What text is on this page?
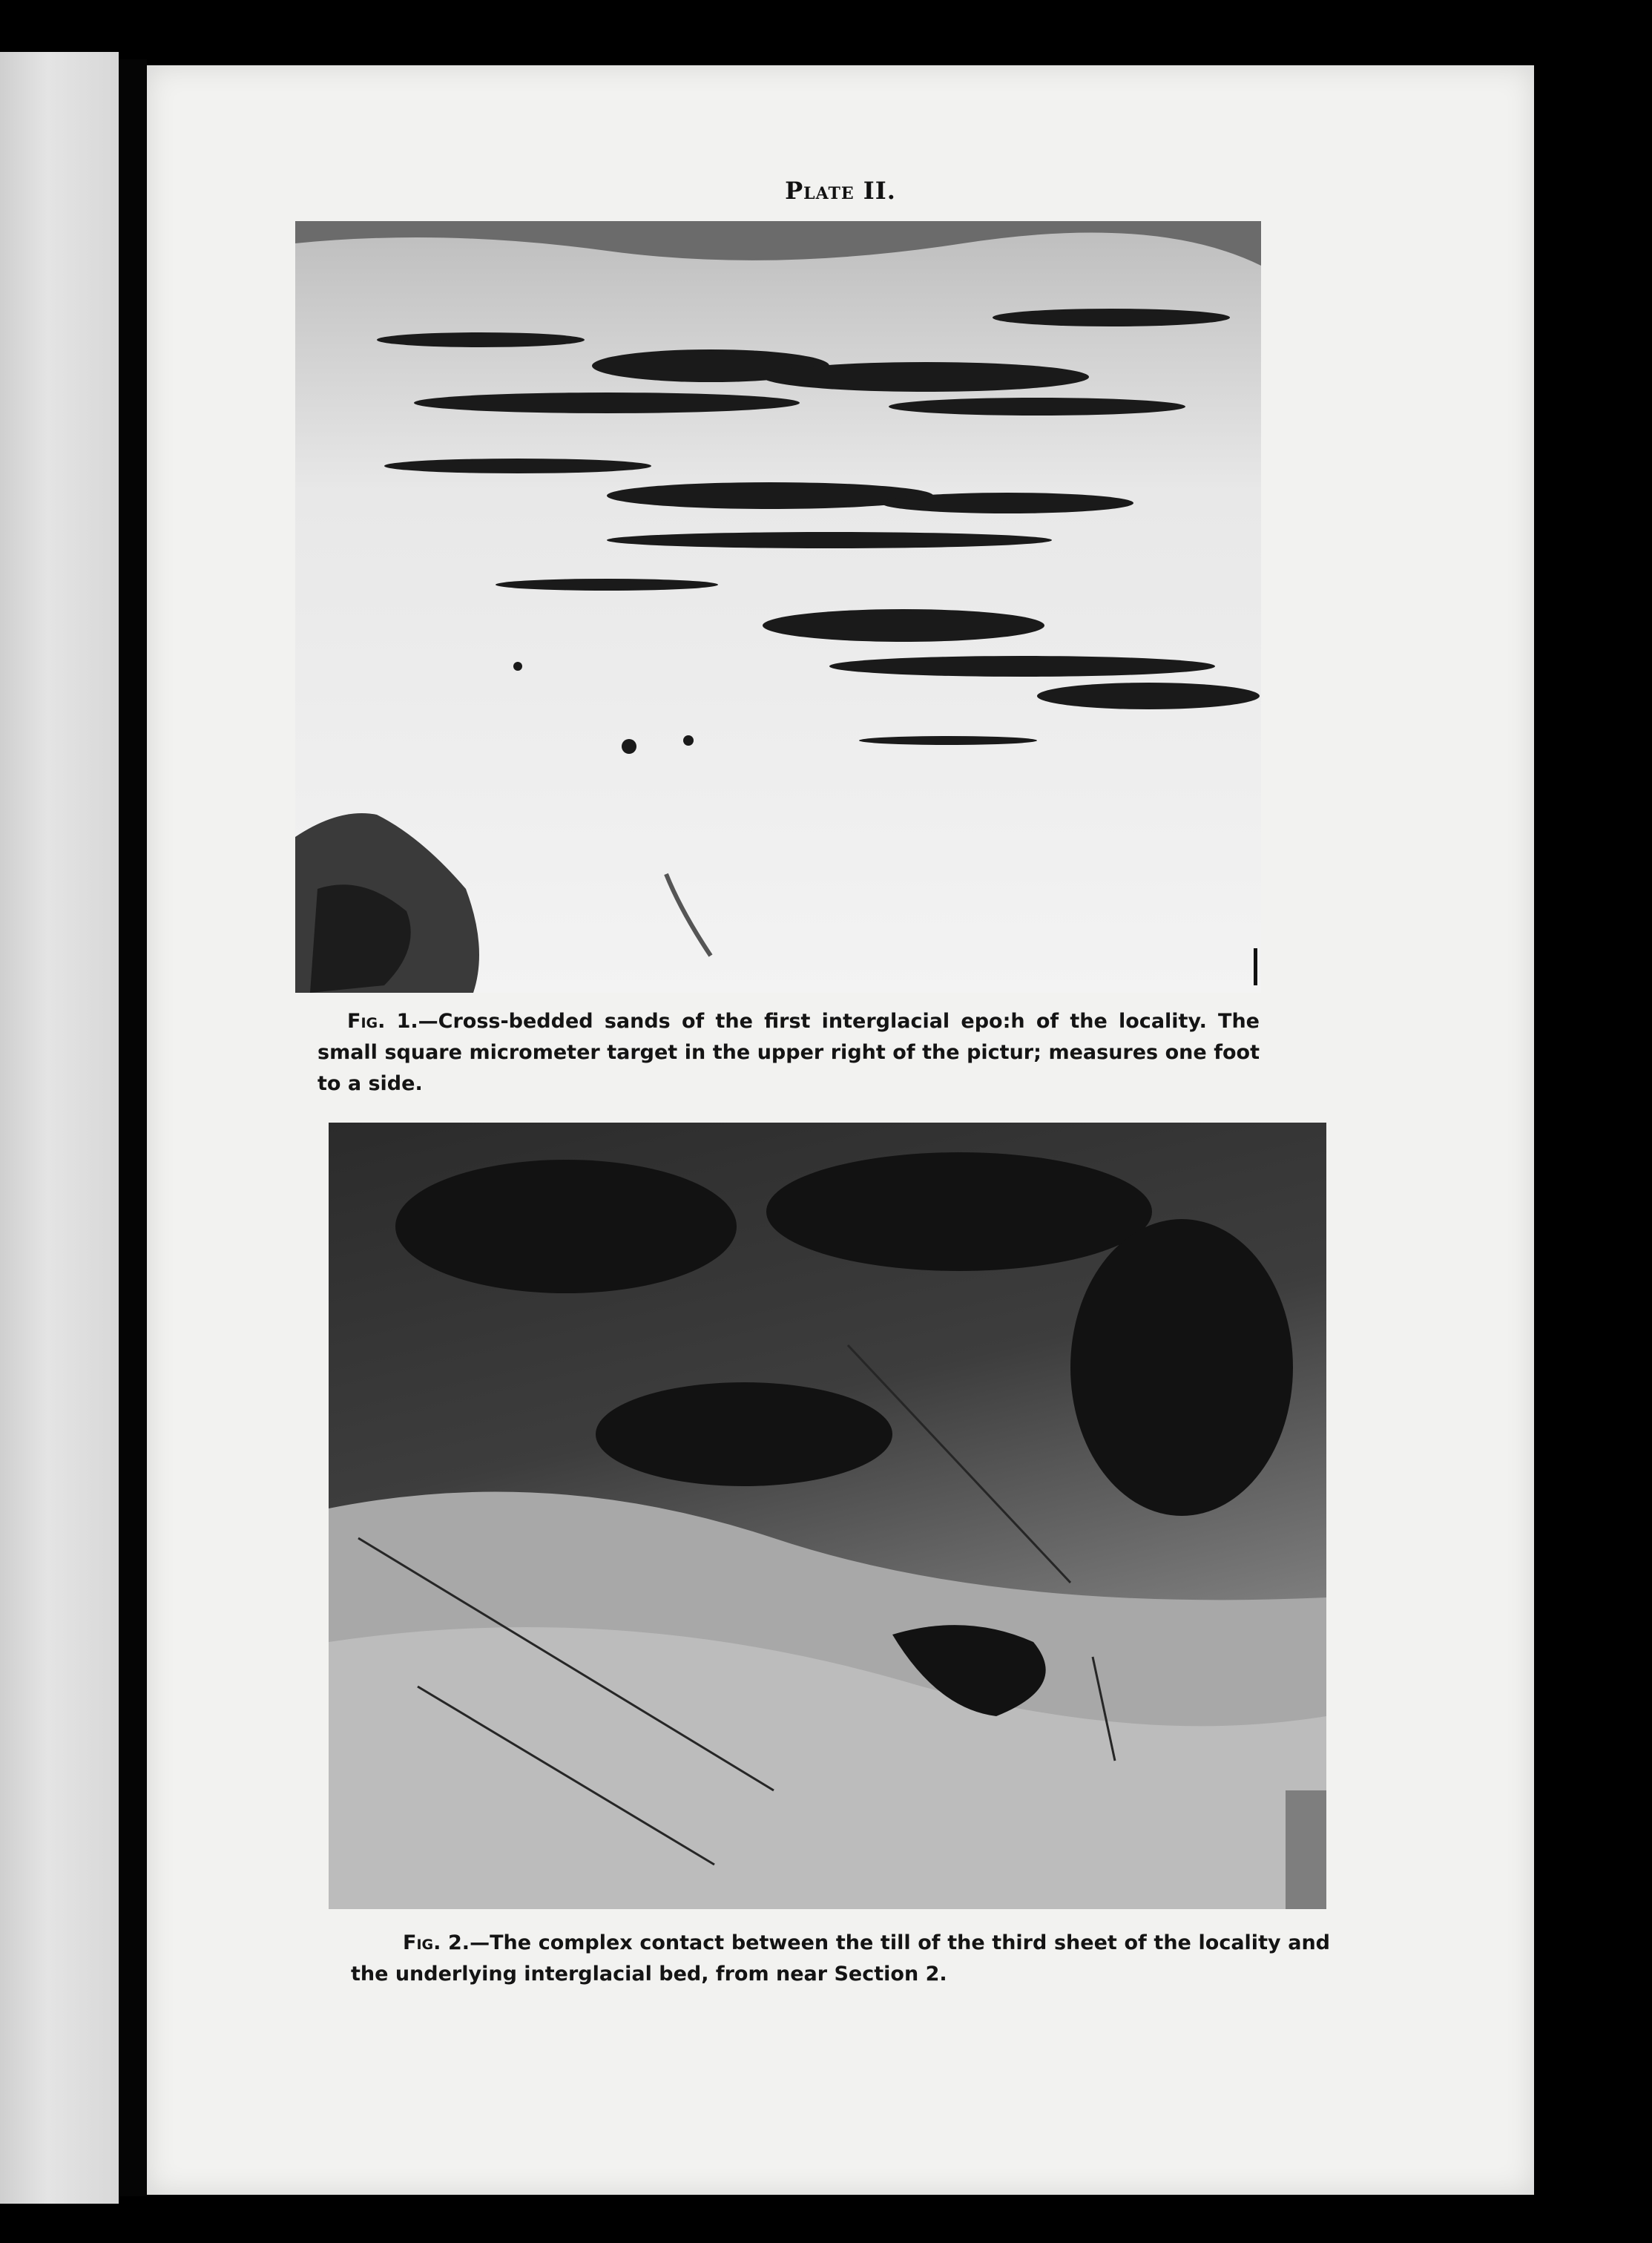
Plate II.
Fig. 1.—Cross-bedded sands of the first interglacial epo:h of the locality. The small square micrometer target in the upper right of the pictur; measures one foot to a side.
Fig. 2.—The complex contact between the till of the third sheet of the locality and the underlying interglacial bed, from near Section 2.
